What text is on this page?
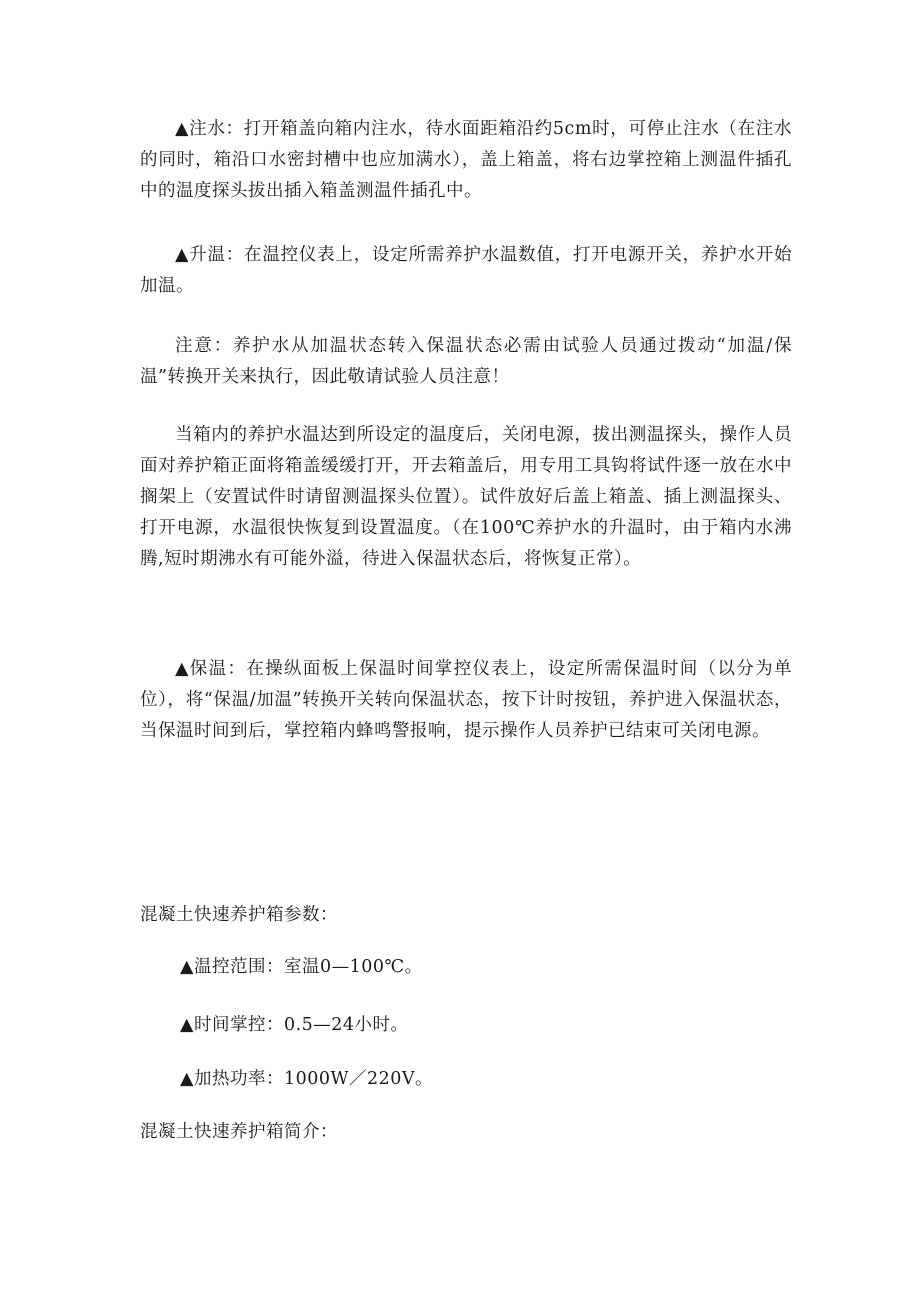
▲注水：打开箱盖向箱内注水，待水面距箱沿约5cm时，可停止注水（在注水的同时，箱沿口水密封槽中也应加满水），盖上箱盖，将右边掌控箱上测温件插孔中的温度探头拔出插入箱盖测温件插孔中。

▲升温：在温控仪表上，设定所需养护水温数值，打开电源开关，养护水开始加温。

注意：养护水从加温状态转入保温状态必需由试验人员通过拨动“加温/保温”转换开关来执行，因此敬请试验人员注意！

当箱内的养护水温达到所设定的温度后，关闭电源，拔出测温探头，操作人员面对养护箱正面将箱盖缓缓打开，开去箱盖后，用专用工具钩将试件逐一放在水中搁架上（安置试件时请留测温探头位置）。试件放好后盖上箱盖、插上测温探头、打开电源，水温很快恢复到设置温度。（在100℃养护水的升温时，由于箱内水沸腾,短时期沸水有可能外溢，待进入保温状态后，将恢复正常）。

▲保温：在操纵面板上保温时间掌控仪表上，设定所需保温时间（以分为单位），将“保温/加温”转换开关转向保温状态，按下计时按钮，养护进入保温状态，当保温时间到后，掌控箱内蜂鸣警报响，提示操作人员养护已结束可关闭电源。

混凝土快速养护箱参数：

▲温控范围：室温0—100℃。

▲时间掌控：0.5—24小时。

▲加热功率：1000W／220V。

混凝土快速养护箱简介：
